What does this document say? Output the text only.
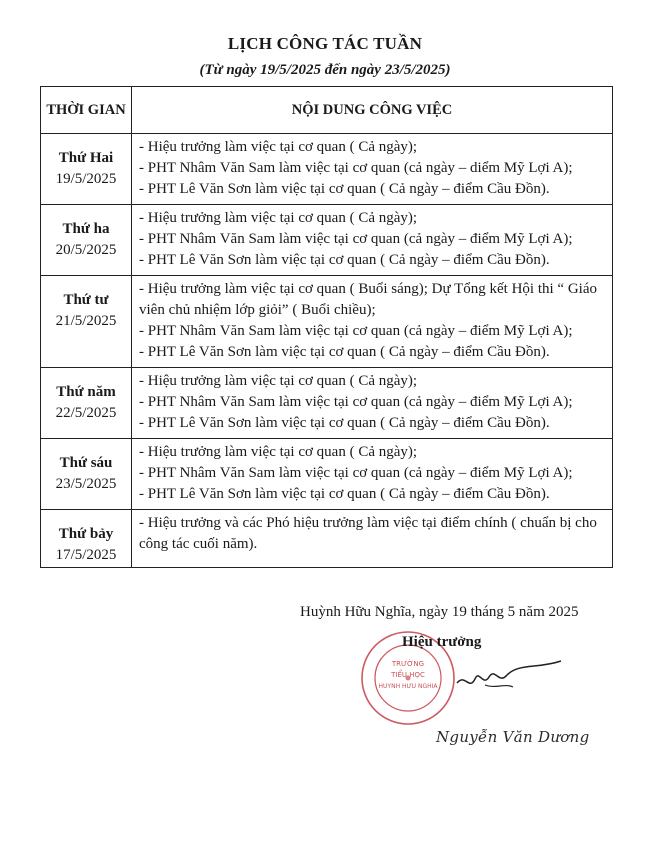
LỊCH CÔNG TÁC TUẦN
(Từ ngày 19/5/2025 đến ngày 23/5/2025)
THỜI GIAN	NỘI DUNG CÔNG VIỆC

Thứ Hai
19/5/2025	- Hiệu trưởng làm việc tại cơ quan ( Cả ngày);
- PHT Nhâm Văn Sam làm việc tại cơ quan (cả ngày – diểm Mỹ Lợi A);
- PHT Lê Văn Sơn làm việc tại cơ quan ( Cả ngày – điểm Cầu Đồn).

Thứ ha
20/5/2025	- Hiệu trưởng làm việc tại cơ quan ( Cả ngày);
- PHT Nhâm Văn Sam làm việc tại cơ quan (cả ngày – điểm Mỹ Lợi A);
- PHT Lê Văn Sơn làm việc tại cơ quan ( Cả ngày – điểm Cầu Đồn).

Thứ tư
21/5/2025	- Hiệu trưởng làm việc tại cơ quan ( Buổi sáng); Dự Tổng kết Hội thi “ Giáo viên chủ nhiệm lớp giỏi” ( Buổi chiều);
- PHT Nhâm Văn Sam làm việc tại cơ quan (cả ngày – điểm Mỹ Lợi A);
- PHT Lê Văn Sơn làm việc tại cơ quan ( Cả ngày – điểm Cầu Đồn).

Thứ năm
22/5/2025	- Hiệu trưởng làm việc tại cơ quan ( Cả ngày);
- PHT Nhâm Văn Sam làm việc tại cơ quan (cả ngày – điểm Mỹ Lợi A);
- PHT Lê Văn Sơn làm việc tại cơ quan ( Cả ngày – điểm Cầu Đồn).

Thứ sáu
23/5/2025	- Hiệu trưởng làm việc tại cơ quan ( Cả ngày);
- PHT Nhâm Văn Sam làm việc tại cơ quan (cả ngày – điểm Mỹ Lợi A);
- PHT Lê Văn Sơn làm việc tại cơ quan ( Cả ngày – điểm Cầu Đồn).

Thứ bảy
17/5/2025	- Hiệu trưởng và các Phó hiệu trưởng làm việc tại điểm chính ( chuẩn bị cho công tác cuối năm).
Huỳnh Hữu Nghĩa, ngày 19 tháng 5 năm 2025
TRƯỜNG
TIỂU HỌC
HUỲNH HỮU NGHĨA
Hiệu trưởng
Nguyễn Văn Dương
